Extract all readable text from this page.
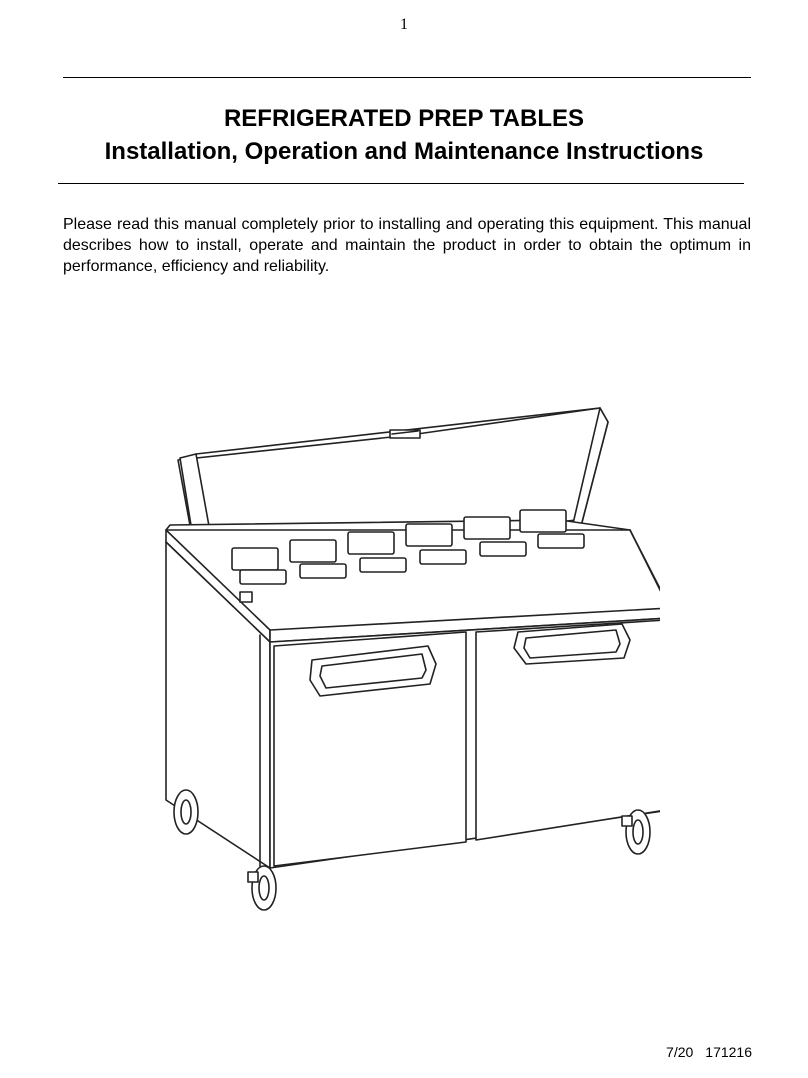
1
REFRIGERATED PREP TABLES
Installation, Operation and Maintenance Instructions

Please read this manual completely prior to installing and operating this equipment. This manual describes how to install, operate and maintain the product in order to obtain the optimum in performance, efficiency and reliability.

7/20 171216
